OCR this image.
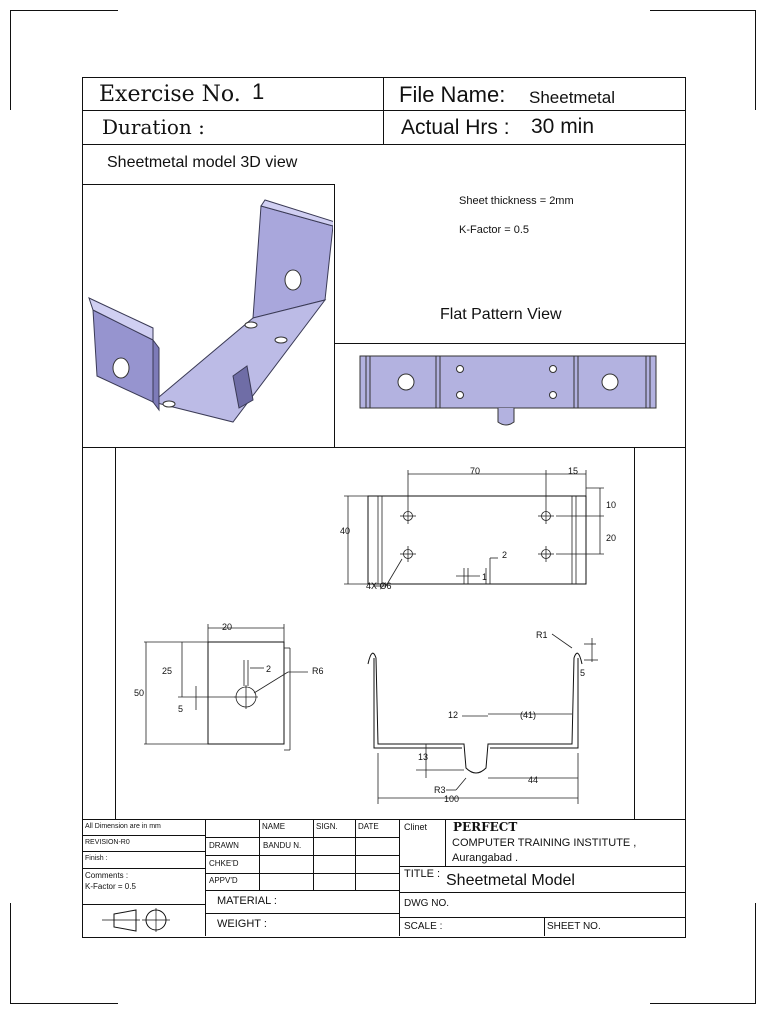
Exercise No. 1	File Name: Sheetmetal
Duration :	Actual Hrs : 30 min
Sheetmetal model 3D view
Sheet thickness = 2mm
K-Factor = 0.5
Flat Pattern View
70	15
40
10
20
4X Ø6
2
1
20
25
50
2
5
R6
R1
5
12	(41)
13
44
R3
100
All Dimension are in mm
REVISION-R0
Finish :
Comments :
K-Factor = 0.5
NAME	SIGN.	DATE
DRAWN	BANDU N.
CHKE'D
APPV'D
MATERIAL :
WEIGHT :
Clinet PERFECT
COMPUTER TRAINING INSTITUTE ,
Aurangabad .
TITLE : Sheetmetal Model
DWG NO.
SCALE :	SHEET NO.
